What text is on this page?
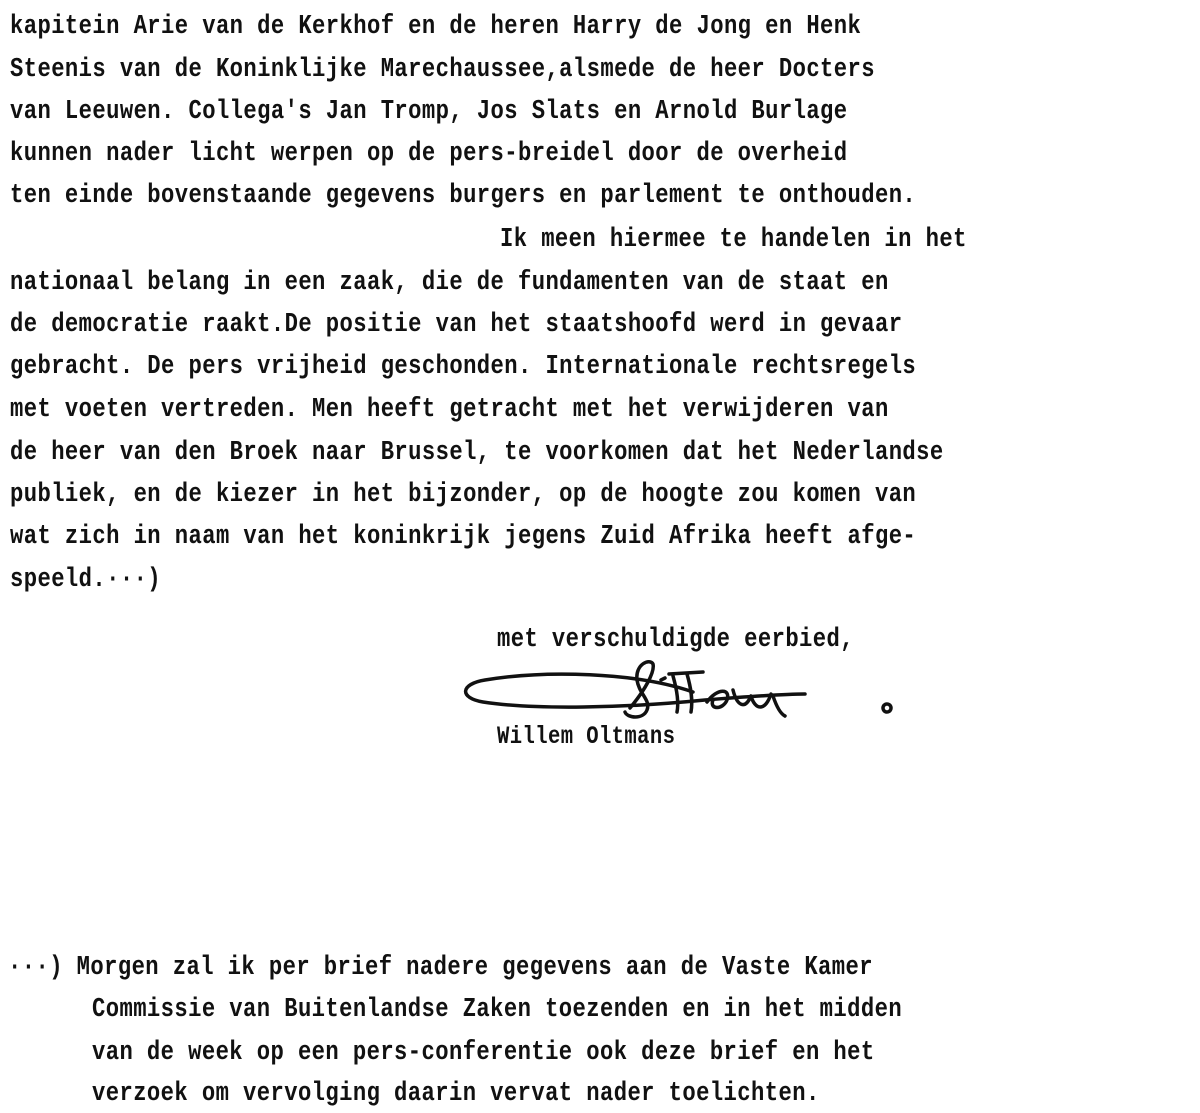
kapitein Arie van de Kerkhof en de heren Harry de Jong en Henk
Steenis van de Koninklijke Marechaussee,alsmede de heer Docters
van Leeuwen. Collega's Jan Tromp, Jos Slats en Arnold Burlage
kunnen nader licht werpen op de pers-breidel door de overheid
ten einde bovenstaande gegevens burgers en parlement te onthouden.
Ik meen hiermee te handelen in het
nationaal belang in een zaak, die de fundamenten van de staat en
de democratie raakt.De positie van het staatshoofd werd in gevaar
gebracht. De pers vrijheid geschonden. Internationale rechtsregels
met voeten vertreden. Men heeft getracht met het verwijderen van
de heer van den Broek naar Brussel, te voorkomen dat het Nederlandse
publiek, en de kiezer in het bijzonder, op de hoogte zou komen van
wat zich in naam van het koninkrijk jegens Zuid Afrika heeft afge-
speeld.···)
met verschuldigde eerbied,
Willem Oltmans
···) Morgen zal ik per brief nadere gegevens aan de Vaste Kamer
Commissie van Buitenlandse Zaken toezenden en in het midden
van de week op een pers-conferentie ook deze brief en het
verzoek om vervolging daarin vervat nader toelichten.
